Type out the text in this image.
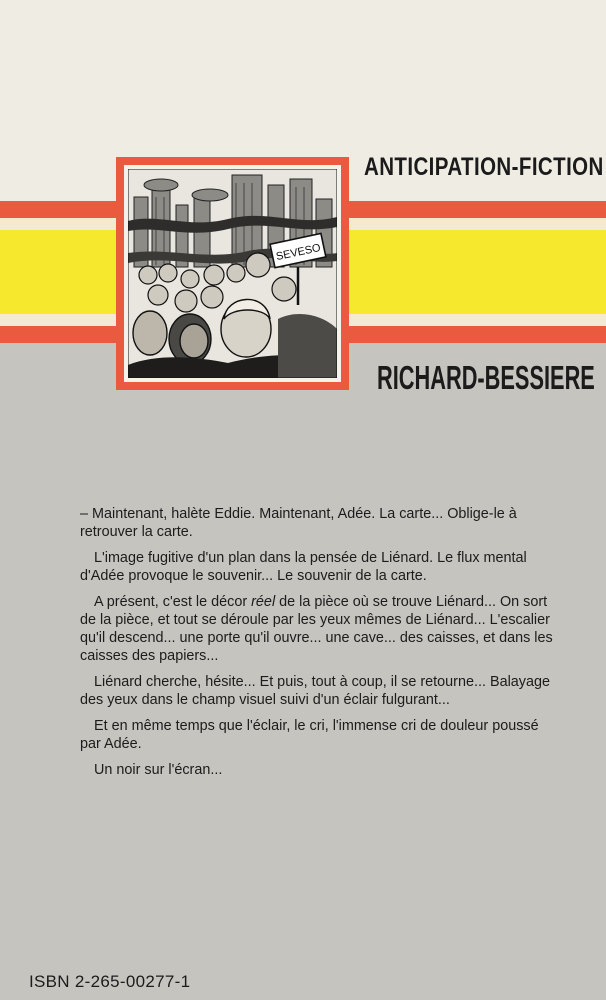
ANTICIPATION-FICTION
RICHARD-BESSIERE
SEVESO

– Maintenant, halète Eddie. Maintenant, Adée. La carte... Oblige-le à retrouver la carte.

L'image fugitive d'un plan dans la pensée de Liénard. Le flux mental d'Adée provoque le souvenir... Le souvenir de la carte.

A présent, c'est le décor réel de la pièce où se trouve Liénard... On sort de la pièce, et tout se déroule par les yeux mêmes de Liénard... L'escalier qu'il descend... une porte qu'il ouvre... une cave... des caisses, et dans les caisses des papiers...

Liénard cherche, hésite... Et puis, tout à coup, il se retourne... Balayage des yeux dans le champ visuel suivi d'un éclair fulgurant...

Et en même temps que l'éclair, le cri, l'immense cri de douleur poussé par Adée.

Un noir sur l'écran...

ISBN 2-265-00277-1
